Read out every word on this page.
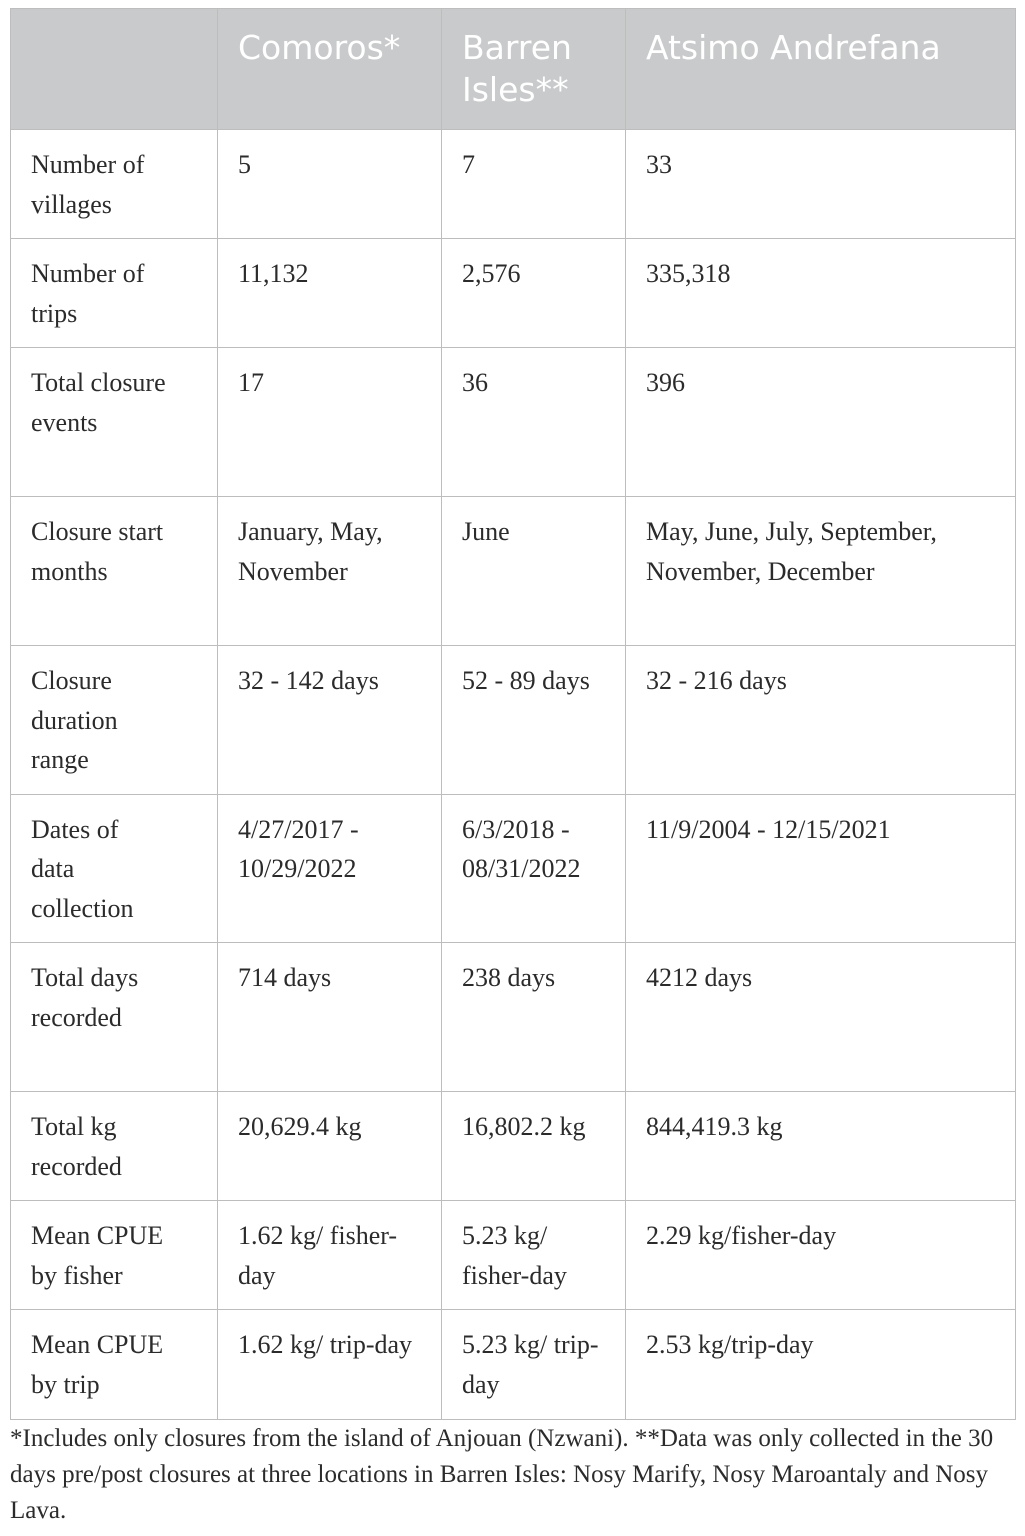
	Comoros*	Barren Isles**	Atsimo Andrefana
Number of villages	5	7	33
Number of trips	11,132	2,576	335,318
Total closure events	17	36	396
Closure start months	January, May, November	June	May, June, July, September, November, December
Closure duration range	32 - 142 days	52 - 89 days	32 - 216 days
Dates of data collection	4/27/2017 - 10/29/2022	6/3/2018 - 08/31/2022	11/9/2004 - 12/15/2021
Total days recorded	714 days	238 days	4212 days
Total kg recorded	20,629.4 kg	16,802.2 kg	844,419.3 kg
Mean CPUE by fisher	1.62 kg/ fisher-day	5.23 kg/ fisher-day	2.29 kg/fisher-day
Mean CPUE by trip	1.62 kg/ trip-day	5.23 kg/ trip-day	2.53 kg/trip-day
*Includes only closures from the island of Anjouan (Nzwani). **Data was only collected in the 30 days pre/post closures at three locations in Barren Isles: Nosy Marify, Nosy Maroantaly and Nosy Lava.
